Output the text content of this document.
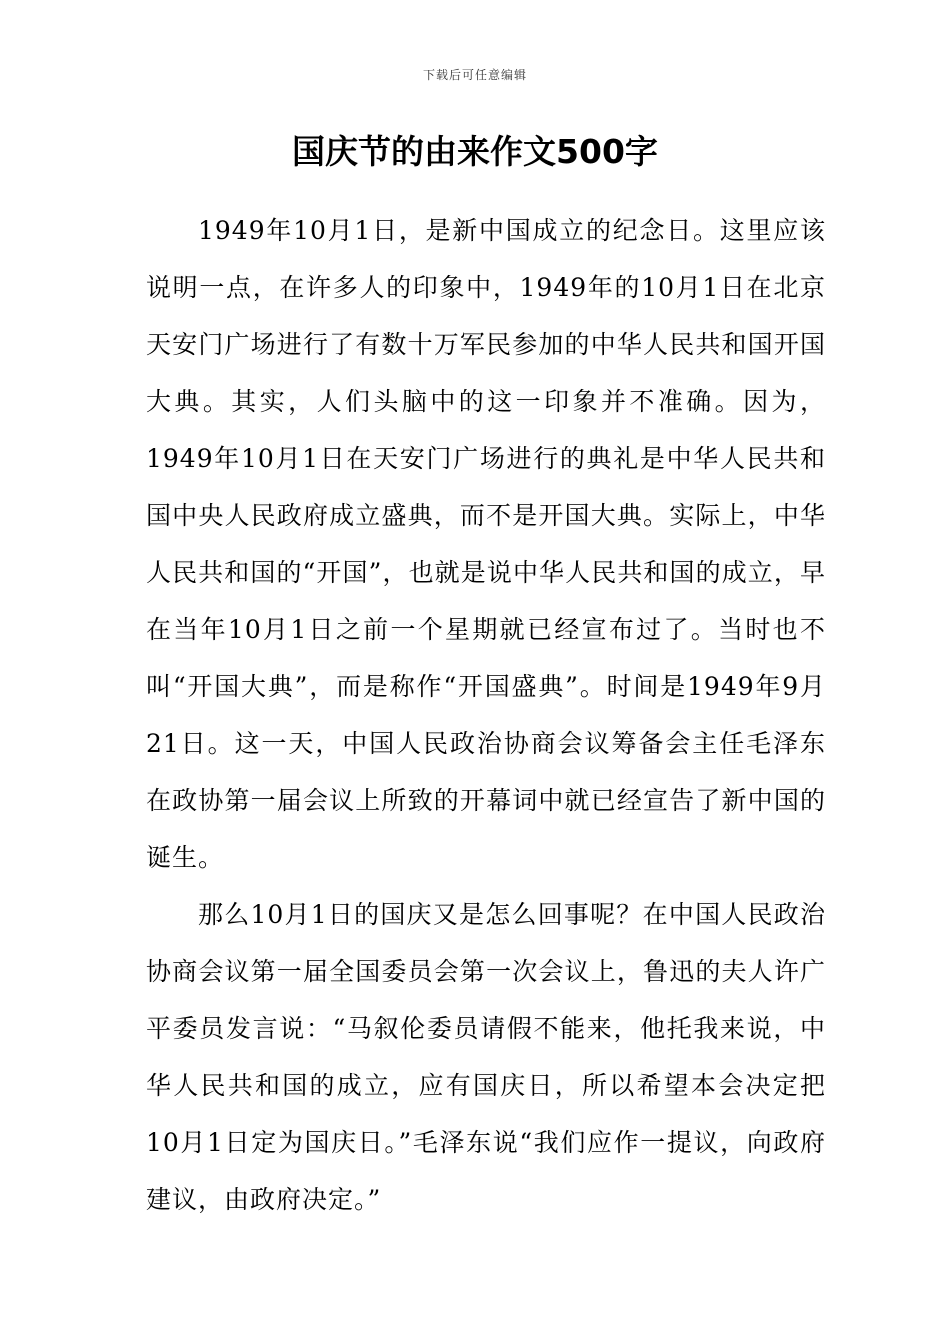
下载后可任意编辑
国庆节的由来作文500字

1949年10月1日，是新中国成立的纪念日。这里应该说明一点，在许多人的印象中，1949年的10月1日在北京天安门广场进行了有数十万军民参加的中华人民共和国开国大典。其实，人们头脑中的这一印象并不准确。因为，1949年10月1日在天安门广场进行的典礼是中华人民共和国中央人民政府成立盛典，而不是开国大典。实际上，中华人民共和国的“开国”，也就是说中华人民共和国的成立，早在当年10月1日之前一个星期就已经宣布过了。当时也不叫“开国大典”，而是称作“开国盛典”。时间是1949年9月21日。这一天，中国人民政治协商会议筹备会主任毛泽东在政协第一届会议上所致的开幕词中就已经宣告了新中国的诞生。

那么10月1日的国庆又是怎么回事呢？在中国人民政治协商会议第一届全国委员会第一次会议上，鲁迅的夫人许广平委员发言说：“马叙伦委员请假不能来，他托我来说，中华人民共和国的成立，应有国庆日，所以希望本会决定把10月1日定为国庆日。”毛泽东说“我们应作一提议，向政府建议，由政府决定。”
